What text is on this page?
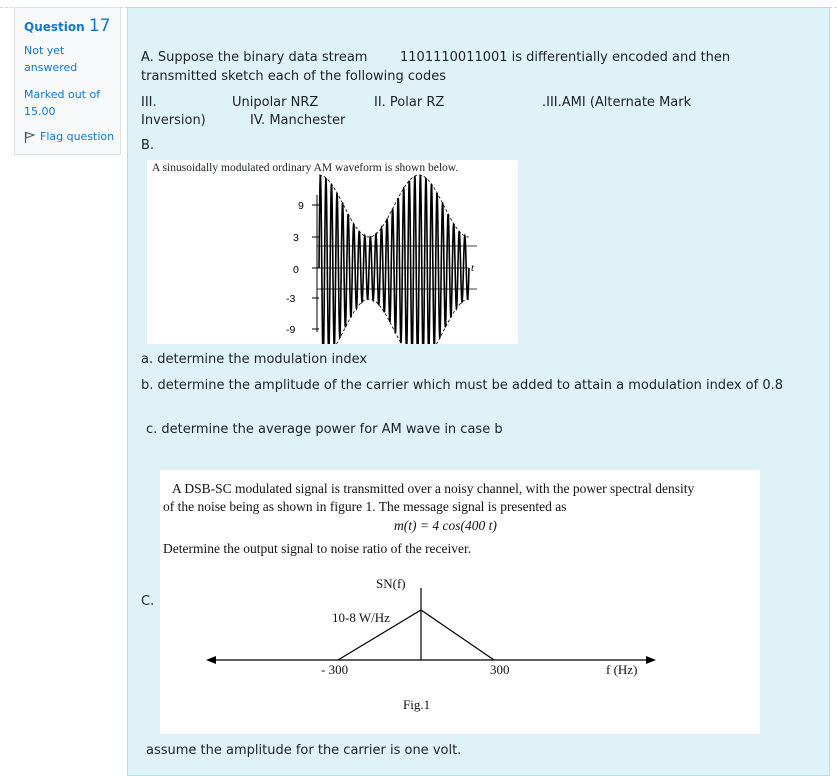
Question 17
Not yet answered
Marked out of 15.00
Flag question
A. Suppose the binary data stream	1101110011001 is differentially encoded and then
transmitted sketch each of the following codes
III.	Unipolar NRZ	II. Polar RZ	.III.AMI (Alternate Mark
Inversion)	IV. Manchester
B.
A sinusoidally modulated ordinary AM waveform is shown below.
9
3
0
-3
-9
t
a. determine the modulation index
b. determine the amplitude of the carrier which must be added to attain a modulation index of 0.8
c. determine the average power for AM wave in case b
C.
A DSB-SC modulated signal is transmitted over a noisy channel, with the power spectral density
of the noise being as shown in figure 1. The message signal is presented as
m(t) = 4 cos(400 t)
Determine the output signal to noise ratio of the receiver.
SN(f)
10-8 W/Hz
- 300	300	f (Hz)
Fig.1
assume the amplitude for the carrier is one volt.
